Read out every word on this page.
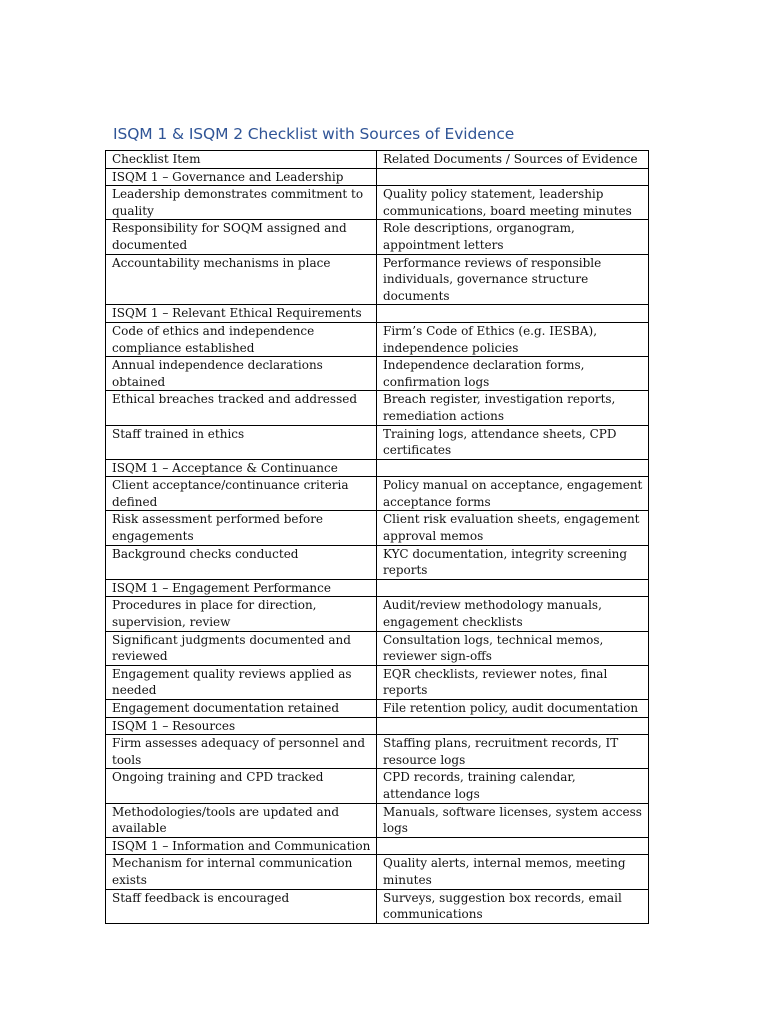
ISQM 1 & ISQM 2 Checklist with Sources of Evidence
Checklist Item	Related Documents / Sources of Evidence
ISQM 1 – Governance and Leadership	
Leadership demonstrates commitment to quality	Quality policy statement, leadership communications, board meeting minutes
Responsibility for SOQM assigned and documented	Role descriptions, organogram, appointment letters
Accountability mechanisms in place	Performance reviews of responsible individuals, governance structure documents
ISQM 1 – Relevant Ethical Requirements	
Code of ethics and independence compliance established	Firm’s Code of Ethics (e.g. IESBA), independence policies
Annual independence declarations obtained	Independence declaration forms, confirmation logs
Ethical breaches tracked and addressed	Breach register, investigation reports, remediation actions
Staff trained in ethics	Training logs, attendance sheets, CPD certificates
ISQM 1 – Acceptance & Continuance	
Client acceptance/continuance criteria defined	Policy manual on acceptance, engagement acceptance forms
Risk assessment performed before engagements	Client risk evaluation sheets, engagement approval memos
Background checks conducted	KYC documentation, integrity screening reports
ISQM 1 – Engagement Performance	
Procedures in place for direction, supervision, review	Audit/review methodology manuals, engagement checklists
Significant judgments documented and reviewed	Consultation logs, technical memos, reviewer sign-offs
Engagement quality reviews applied as needed	EQR checklists, reviewer notes, final reports
Engagement documentation retained	File retention policy, audit documentation
ISQM 1 – Resources	
Firm assesses adequacy of personnel and tools	Staffing plans, recruitment records, IT resource logs
Ongoing training and CPD tracked	CPD records, training calendar, attendance logs
Methodologies/tools are updated and available	Manuals, software licenses, system access logs
ISQM 1 – Information and Communication	
Mechanism for internal communication exists	Quality alerts, internal memos, meeting minutes
Staff feedback is encouraged	Surveys, suggestion box records, email communications
